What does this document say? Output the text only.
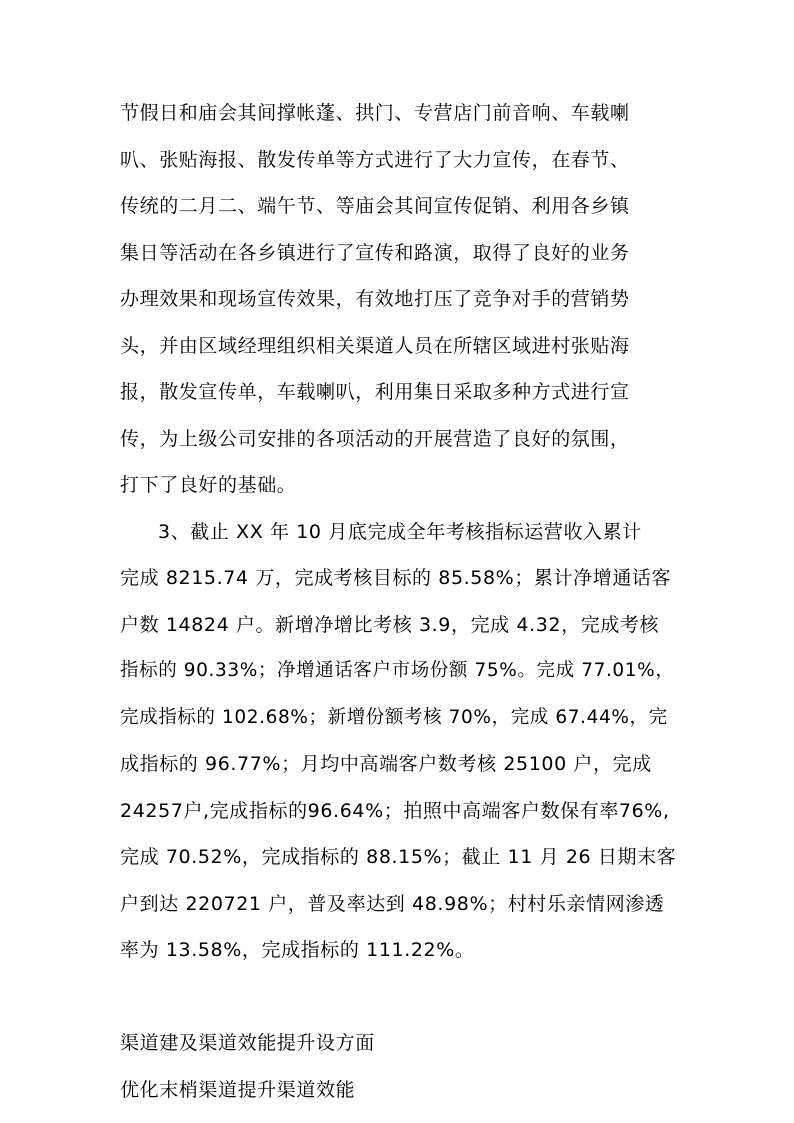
节假日和庙会其间撑帐蓬、拱门、专营店门前音响、车载喇
叭、张贴海报、散发传单等方式进行了大力宣传，在春节、
传统的二月二、端午节、等庙会其间宣传促销、利用各乡镇
集日等活动在各乡镇进行了宣传和路演，取得了良好的业务
办理效果和现场宣传效果，有效地打压了竞争对手的营销势
头，并由区域经理组织相关渠道人员在所辖区域进村张贴海
报，散发宣传单，车载喇叭，利用集日采取多种方式进行宣
传，为上级公司安排的各项活动的开展营造了良好的氛围，
打下了良好的基础。
3、截止 XX 年 10 月底完成全年考核指标运营收入累计
完成 8215.74 万，完成考核目标的 85.58%；累计净增通话客
户数 14824 户。新增净增比考核 3.9，完成 4.32，完成考核
指标的 90.33%；净增通话客户市场份额 75%。完成 77.01%，
完成指标的 102.68%；新增份额考核 70%，完成 67.44%，完
成指标的 96.77%；月均中高端客户数考核 25100 户，完成
24257户,完成指标的96.64%；拍照中高端客户数保有率76%,
完成 70.52%，完成指标的 88.15%；截止 11 月 26 日期末客
户到达 220721 户，普及率达到 48.98%；村村乐亲情网渗透
率为 13.58%，完成指标的 111.22%。
渠道建及渠道效能提升设方面
优化末梢渠道提升渠道效能
